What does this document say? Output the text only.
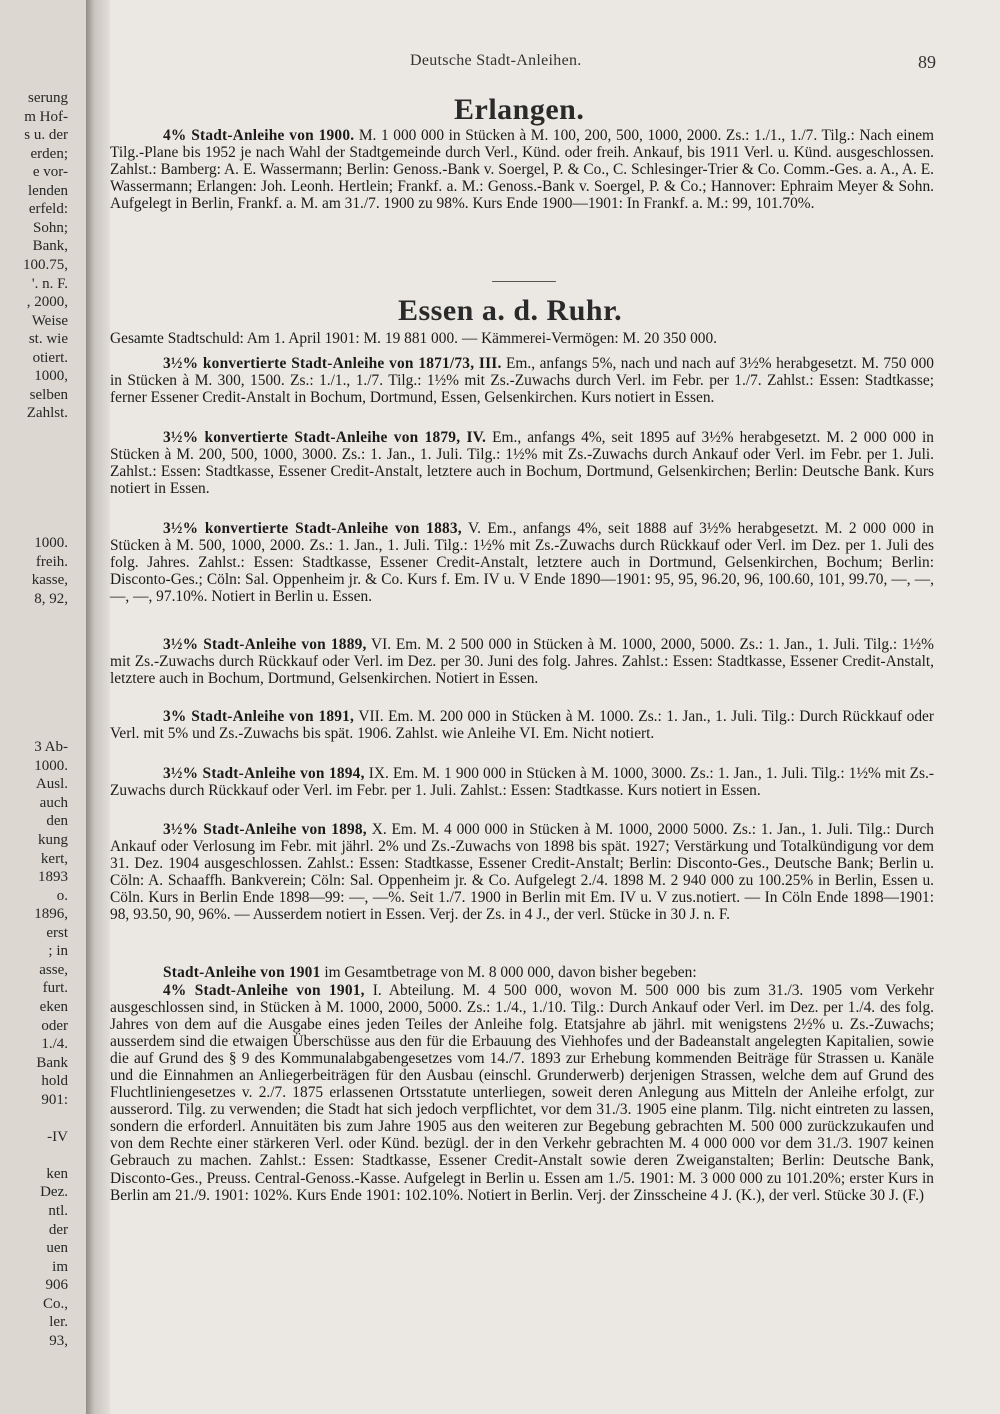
serung
m Hof-
s u. der
erden;
e vor-
lenden
erfeld:
Sohn;
Bank,
100.75,
'. n. F.
, 2000,
Weise
st. wie
otiert.
1000,
selben
Zahlst.
1000.
freih.
kasse,
8, 92,
3 Ab-
1000.
Ausl.
auch
den
kung
kert,
1893
o.
1896,
erst
; in
asse,
furt.
eken
oder
1./4.
Bank
hold
901:
-IV
ken
Dez.
ntl.
der
uen
im
906
Co.,
ler.
93,
Deutsche Stadt-Anleihen.	89
Erlangen.

4% Stadt-Anleihe von 1900. M. 1 000 000 in Stücken à M. 100, 200, 500, 1000, 2000. Zs.: 1./1., 1./7. Tilg.: Nach einem Tilg.-Plane bis 1952 je nach Wahl der Stadtgemeinde durch Verl., Künd. oder freih. Ankauf, bis 1911 Verl. u. Künd. ausgeschlossen. Zahlst.: Bamberg: A. E. Wassermann; Berlin: Genoss.-Bank v. Soergel, P. & Co., C. Schlesinger-Trier & Co. Comm.-Ges. a. A., A. E. Wassermann; Erlangen: Joh. Leonh. Hertlein; Frankf. a. M.: Genoss.-Bank v. Soergel, P. & Co.; Hannover: Ephraim Meyer & Sohn. Aufgelegt in Berlin, Frankf. a. M. am 31./7. 1900 zu 98%. Kurs Ende 1900—1901: In Frankf. a. M.: 99, 101.70%.

Essen a. d. Ruhr.

Gesamte Stadtschuld: Am 1. April 1901: M. 19 881 000. — Kämmerei-Vermögen: M. 20 350 000.

3½% konvertierte Stadt-Anleihe von 1871/73, III. Em., anfangs 5%, nach und nach auf 3½% herabgesetzt. M. 750 000 in Stücken à M. 300, 1500. Zs.: 1./1., 1./7. Tilg.: 1½% mit Zs.-Zuwachs durch Verl. im Febr. per 1./7. Zahlst.: Essen: Stadtkasse; ferner Essener Credit-Anstalt in Bochum, Dortmund, Essen, Gelsenkirchen. Kurs notiert in Essen.

3½% konvertierte Stadt-Anleihe von 1879, IV. Em., anfangs 4%, seit 1895 auf 3½% herabgesetzt. M. 2 000 000 in Stücken à M. 200, 500, 1000, 3000. Zs.: 1. Jan., 1. Juli. Tilg.: 1½% mit Zs.-Zuwachs durch Ankauf oder Verl. im Febr. per 1. Juli. Zahlst.: Essen: Stadtkasse, Essener Credit-Anstalt, letztere auch in Bochum, Dortmund, Gelsenkirchen; Berlin: Deutsche Bank. Kurs notiert in Essen.

3½% konvertierte Stadt-Anleihe von 1883, V. Em., anfangs 4%, seit 1888 auf 3½% herabgesetzt. M. 2 000 000 in Stücken à M. 500, 1000, 2000. Zs.: 1. Jan., 1. Juli. Tilg.: 1½% mit Zs.-Zuwachs durch Rückkauf oder Verl. im Dez. per 1. Juli des folg. Jahres. Zahlst.: Essen: Stadtkasse, Essener Credit-Anstalt, letztere auch in Dortmund, Gelsenkirchen, Bochum; Berlin: Disconto-Ges.; Cöln: Sal. Oppenheim jr. & Co. Kurs f. Em. IV u. V Ende 1890—1901: 95, 95, 96.20, 96, 100.60, 101, 99.70, —, —, —, —, 97.10%. Notiert in Berlin u. Essen.

3½% Stadt-Anleihe von 1889, VI. Em. M. 2 500 000 in Stücken à M. 1000, 2000, 5000. Zs.: 1. Jan., 1. Juli. Tilg.: 1½% mit Zs.-Zuwachs durch Rückkauf oder Verl. im Dez. per 30. Juni des folg. Jahres. Zahlst.: Essen: Stadtkasse, Essener Credit-Anstalt, letztere auch in Bochum, Dortmund, Gelsenkirchen. Notiert in Essen.

3% Stadt-Anleihe von 1891, VII. Em. M. 200 000 in Stücken à M. 1000. Zs.: 1. Jan., 1. Juli. Tilg.: Durch Rückkauf oder Verl. mit 5% und Zs.-Zuwachs bis spät. 1906. Zahlst. wie Anleihe VI. Em. Nicht notiert.

3½% Stadt-Anleihe von 1894, IX. Em. M. 1 900 000 in Stücken à M. 1000, 3000. Zs.: 1. Jan., 1. Juli. Tilg.: 1½% mit Zs.-Zuwachs durch Rückkauf oder Verl. im Febr. per 1. Juli. Zahlst.: Essen: Stadtkasse. Kurs notiert in Essen.

3½% Stadt-Anleihe von 1898, X. Em. M. 4 000 000 in Stücken à M. 1000, 2000 5000. Zs.: 1. Jan., 1. Juli. Tilg.: Durch Ankauf oder Verlosung im Febr. mit jährl. 2% und Zs.-Zuwachs von 1898 bis spät. 1927; Verstärkung und Totalkündigung vor dem 31. Dez. 1904 ausgeschlossen. Zahlst.: Essen: Stadtkasse, Essener Credit-Anstalt; Berlin: Disconto-Ges., Deutsche Bank; Berlin u. Cöln: A. Schaaffh. Bankverein; Cöln: Sal. Oppenheim jr. & Co. Aufgelegt 2./4. 1898 M. 2 940 000 zu 100.25% in Berlin, Essen u. Cöln. Kurs in Berlin Ende 1898—99: —, —%. Seit 1./7. 1900 in Berlin mit Em. IV u. V zus.notiert. — In Cöln Ende 1898—1901: 98, 93.50, 90, 96%. — Ausserdem notiert in Essen. Verj. der Zs. in 4 J., der verl. Stücke in 30 J. n. F.

Stadt-Anleihe von 1901 im Gesamtbetrage von M. 8 000 000, davon bisher begeben:

4% Stadt-Anleihe von 1901, I. Abteilung. M. 4 500 000, wovon M. 500 000 bis zum 31./3. 1905 vom Verkehr ausgeschlossen sind, in Stücken à M. 1000, 2000, 5000. Zs.: 1./4., 1./10. Tilg.: Durch Ankauf oder Verl. im Dez. per 1./4. des folg. Jahres von dem auf die Ausgabe eines jeden Teiles der Anleihe folg. Etatsjahre ab jährl. mit wenigstens 2½% u. Zs.-Zuwachs; ausserdem sind die etwaigen Überschüsse aus den für die Erbauung des Viehhofes und der Badeanstalt angelegten Kapitalien, sowie die auf Grund des § 9 des Kommunalabgabengesetzes vom 14./7. 1893 zur Erhebung kommenden Beiträge für Strassen u. Kanäle und die Einnahmen an Anliegerbeiträgen für den Ausbau (einschl. Grunderwerb) derjenigen Strassen, welche dem auf Grund des Fluchtliniengesetzes v. 2./7. 1875 erlassenen Ortsstatute unterliegen, soweit deren Anlegung aus Mitteln der Anleihe erfolgt, zur ausserord. Tilg. zu verwenden; die Stadt hat sich jedoch verpflichtet, vor dem 31./3. 1905 eine planm. Tilg. nicht eintreten zu lassen, sondern die erforderl. Annuitäten bis zum Jahre 1905 aus den weiteren zur Begebung gebrachten M. 500 000 zurückzukaufen und von dem Rechte einer stärkeren Verl. oder Künd. bezügl. der in den Verkehr gebrachten M. 4 000 000 vor dem 31./3. 1907 keinen Gebrauch zu machen. Zahlst.: Essen: Stadtkasse, Essener Credit-Anstalt sowie deren Zweiganstalten; Berlin: Deutsche Bank, Disconto-Ges., Preuss. Central-Genoss.-Kasse. Aufgelegt in Berlin u. Essen am 1./5. 1901: M. 3 000 000 zu 101.20%; erster Kurs in Berlin am 21./9. 1901: 102%. Kurs Ende 1901: 102.10%. Notiert in Berlin. Verj. der Zinsscheine 4 J. (K.), der verl. Stücke 30 J. (F.)
